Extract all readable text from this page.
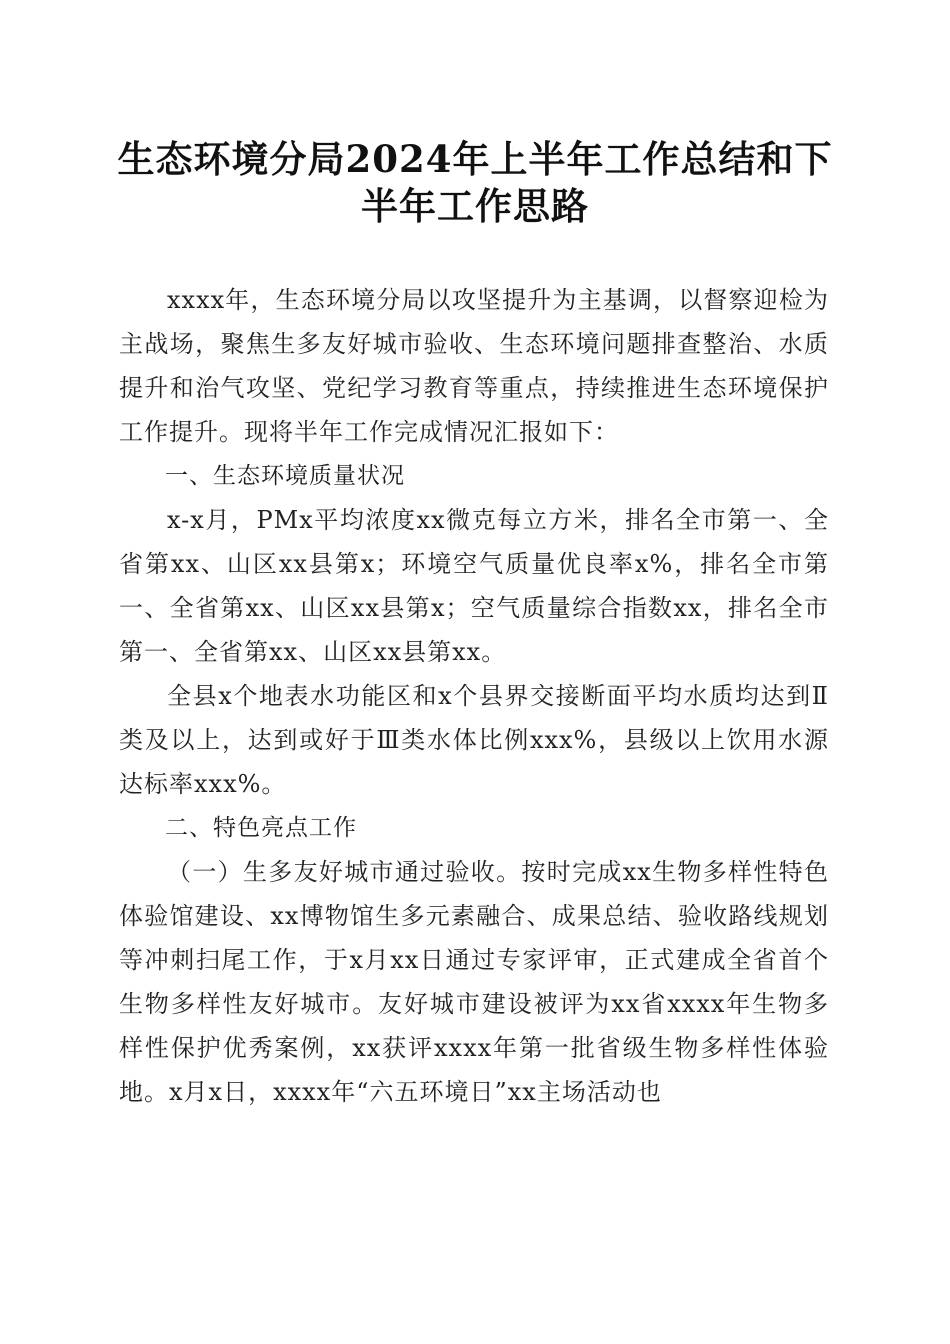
生态环境分局2024年上半年工作总结和下半年工作思路

xxxx年，生态环境分局以攻坚提升为主基调，以督察迎检为主战场，聚焦生多友好城市验收、生态环境问题排查整治、水质提升和治气攻坚、党纪学习教育等重点，持续推进生态环境保护工作提升。现将半年工作完成情况汇报如下：

一、生态环境质量状况

x-x月，PMx平均浓度xx微克每立方米，排名全市第一、全省第xx、山区xx县第x；环境空气质量优良率x%，排名全市第一、全省第xx、山区xx县第x；空气质量综合指数xx，排名全市第一、全省第xx、山区xx县第xx。

全县x个地表水功能区和x个县界交接断面平均水质均达到Ⅱ类及以上，达到或好于Ⅲ类水体比例xxx%，县级以上饮用水源达标率xxx%。

二、特色亮点工作

（一）生多友好城市通过验收。按时完成xx生物多样性特色体验馆建设、xx博物馆生多元素融合、成果总结、验收路线规划等冲刺扫尾工作，于x月xx日通过专家评审，正式建成全省首个生物多样性友好城市。友好城市建设被评为xx省xxxx年生物多样性保护优秀案例，xx获评xxxx年第一批省级生物多样性体验地。x月x日，xxxx年“六五环境日”xx主场活动也
